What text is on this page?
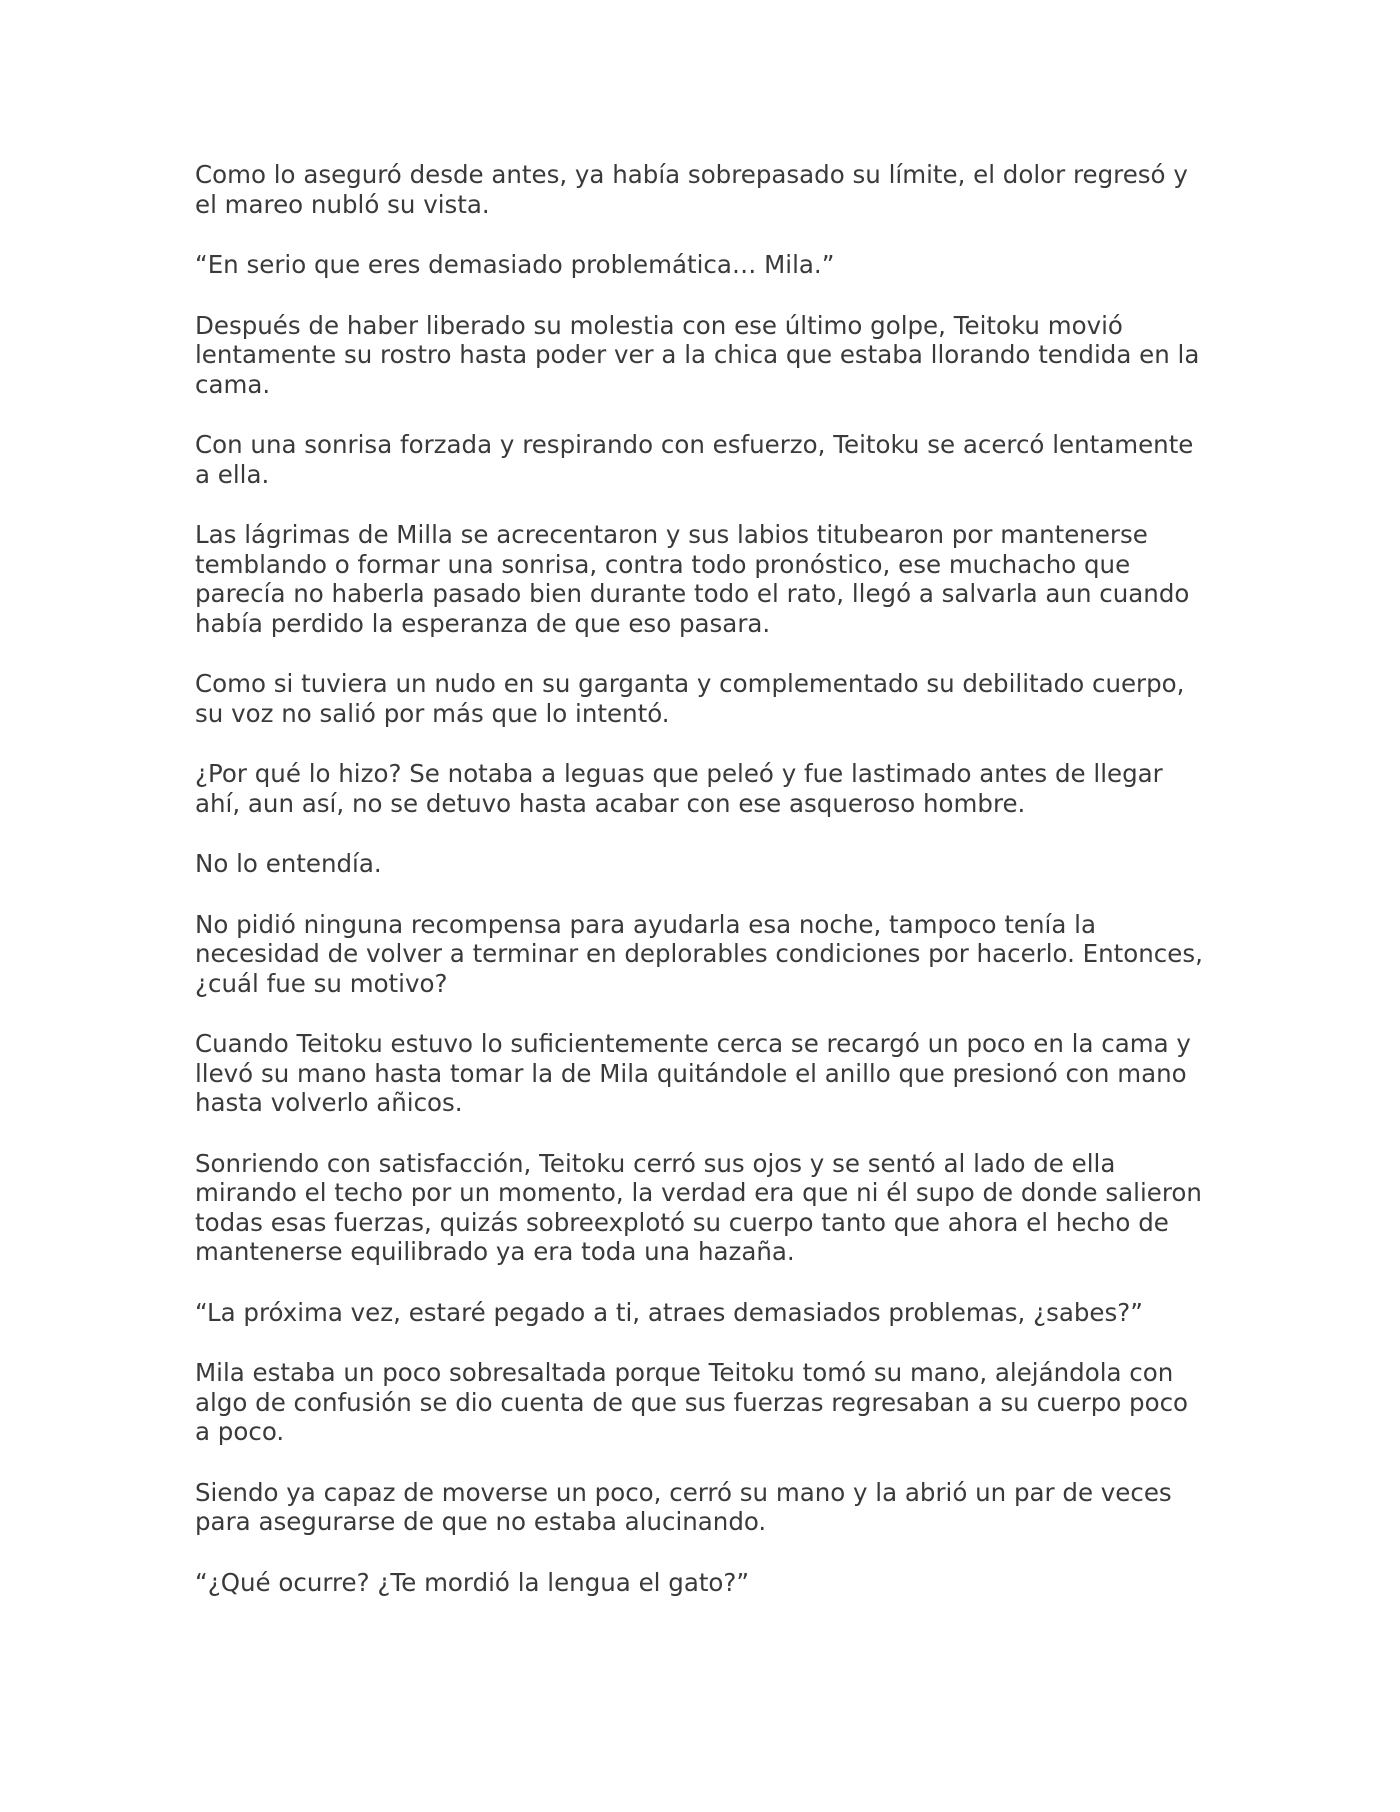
Como lo aseguró desde antes, ya había sobrepasado su límite, el dolor regresó y el mareo nubló su vista.

“En serio que eres demasiado problemática… Mila.”

Después de haber liberado su molestia con ese último golpe, Teitoku movió lentamente su rostro hasta poder ver a la chica que estaba llorando tendida en la cama.

Con una sonrisa forzada y respirando con esfuerzo, Teitoku se acercó lentamente a ella.

Las lágrimas de Milla se acrecentaron y sus labios titubearon por mantenerse temblando o formar una sonrisa, contra todo pronóstico, ese muchacho que parecía no haberla pasado bien durante todo el rato, llegó a salvarla aun cuando había perdido la esperanza de que eso pasara.

Como si tuviera un nudo en su garganta y complementado su debilitado cuerpo, su voz no salió por más que lo intentó.

¿Por qué lo hizo? Se notaba a leguas que peleó y fue lastimado antes de llegar ahí, aun así, no se detuvo hasta acabar con ese asqueroso hombre.

No lo entendía.

No pidió ninguna recompensa para ayudarla esa noche, tampoco tenía la necesidad de volver a terminar en deplorables condiciones por hacerlo. Entonces, ¿cuál fue su motivo?

Cuando Teitoku estuvo lo suficientemente cerca se recargó un poco en la cama y llevó su mano hasta tomar la de Mila quitándole el anillo que presionó con mano hasta volverlo añicos.

Sonriendo con satisfacción, Teitoku cerró sus ojos y se sentó al lado de ella mirando el techo por un momento, la verdad era que ni él supo de donde salieron todas esas fuerzas, quizás sobreexplotó su cuerpo tanto que ahora el hecho de mantenerse equilibrado ya era toda una hazaña.

“La próxima vez, estaré pegado a ti, atraes demasiados problemas, ¿sabes?”

Mila estaba un poco sobresaltada porque Teitoku tomó su mano, alejándola con algo de confusión se dio cuenta de que sus fuerzas regresaban a su cuerpo poco a poco.

Siendo ya capaz de moverse un poco, cerró su mano y la abrió un par de veces para asegurarse de que no estaba alucinando.

“¿Qué ocurre? ¿Te mordió la lengua el gato?”
